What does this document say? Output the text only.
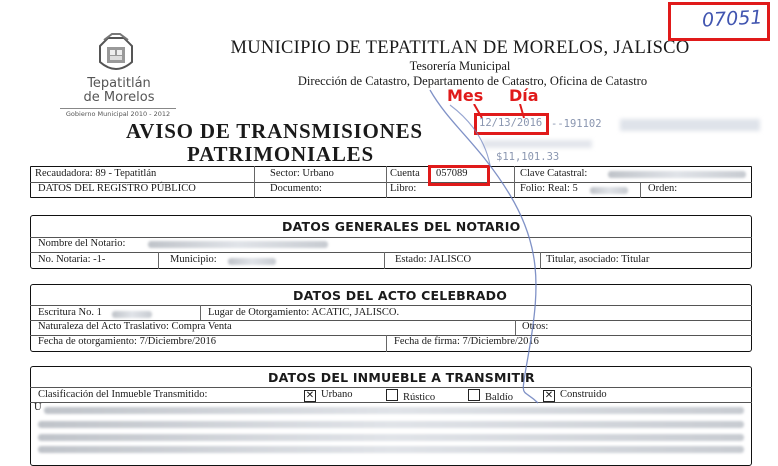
Tepatitlán
de Morelos
Gobierno Municipal 2010 - 2012
MUNICIPIO DE TEPATITLAN DE MORELOS, JALISCO
Tesorería Municipal
Dirección de Catastro, Departamento de Catastro, Oficina de Catastro
AVISO DE TRANSMISIONES
PATRIMONIALES
07051
Mes Día
12/13/2016 --191102
$11,101.33
Recaudadora: 89 - Tepatitlán	Sector: Urbano	Cuenta 057089	Clave Catastral:
DATOS DEL REGISTRO PÚBLICO	Documento:	Libro:	Folio: Real: 5	Orden:
DATOS GENERALES DEL NOTARIO
Nombre del Notario:
No. Notaria: -1-	Municipio:	Estado: JALISCO	Titular, asociado: Titular
DATOS DEL ACTO CELEBRADO
Escritura No. 1	Lugar de Otorgamiento: ACATIC, JALISCO.
Naturaleza del Acto Traslativo: Compra Venta	Otros:
Fecha de otorgamiento: 7/Diciembre/2016	Fecha de firma: 7/Diciembre/2016
DATOS DEL INMUEBLE A TRANSMITIR
Clasificación del Inmueble Transmitido:	✕ Urbano	Rústico	Baldío	✕ Construido
U
